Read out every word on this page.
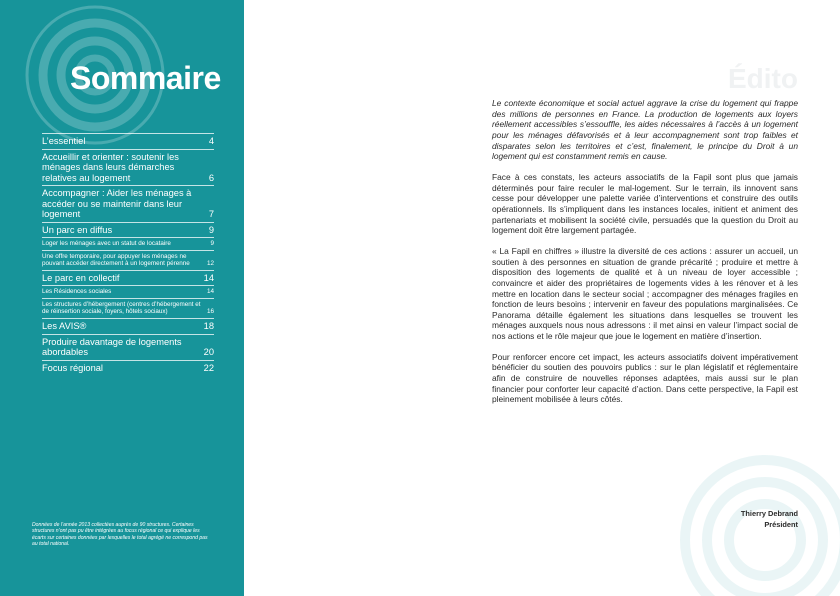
Sommaire
L’essentiel	4
Accueillir et orienter : soutenir les ménages dans leurs démarches relatives au logement	6
Accompagner : Aider les ménages à accéder ou se maintenir dans leur logement	7
Un parc en diffus	9
Loger les ménages avec un statut de locataire	9
Une offre temporaire, pour appuyer les ménages ne pouvant accéder directement à un logement pérenne	12
Le parc en collectif	14
Les Résidences sociales	14
Les structures d’hébergement (centres d’hébergement et de réinsertion sociale, foyers, hôtels sociaux)	16
Les AVIS®	18
Produire davantage de logements abordables	20
Focus régional	22
Données de l’année 2013 collectées auprès de 90 structures. Certaines structures n’ont pas pu être intégrées au focus régional ce qui explique les écarts sur certaines données par lesquelles le total agrégé ne correspond pas au total national.
Édito

Le contexte économique et social actuel aggrave la crise du logement qui frappe des millions de personnes en France. La production de logements aux loyers réellement accessibles s’essouffle, les aides nécessaires à l’accès à un logement pour les ménages défavorisés et à leur accompagnement sont trop faibles et disparates selon les territoires et c’est, finalement, le principe du Droit à un logement qui est constamment remis en cause.

Face à ces constats, les acteurs associatifs de la Fapil sont plus que jamais déterminés pour faire reculer le mal-logement. Sur le terrain, ils innovent sans cesse pour développer une palette variée d’interventions et construire des outils opérationnels. Ils s’impliquent dans les instances locales, initient et animent des partenariats et mobilisent la société civile, persuadés que la question du Droit au logement doit être largement partagée.

« La Fapil en chiffres » illustre la diversité de ces actions : assurer un accueil, un soutien à des personnes en situation de grande précarité ; produire et mettre à disposition des logements de qualité et à un niveau de loyer accessible ; convaincre et aider des propriétaires de logements vides à les rénover et à les mettre en location dans le secteur social ; accompagner des ménages fragiles en fonction de leurs besoins ; intervenir en faveur des populations marginalisées. Ce Panorama détaille également les situations dans lesquelles se trouvent les ménages auxquels nous nous adressons : il met ainsi en valeur l’impact social de nos actions et le rôle majeur que joue le logement en matière d’insertion.

Pour renforcer encore cet impact, les acteurs associatifs doivent impérativement bénéficier du soutien des pouvoirs publics : sur le plan législatif et réglementaire afin de construire de nouvelles réponses adaptées, mais aussi sur le plan financier pour conforter leur capacité d’action. Dans cette perspective, la Fapil est pleinement mobilisée à leurs côtés.

Thierry Debrand
Président
